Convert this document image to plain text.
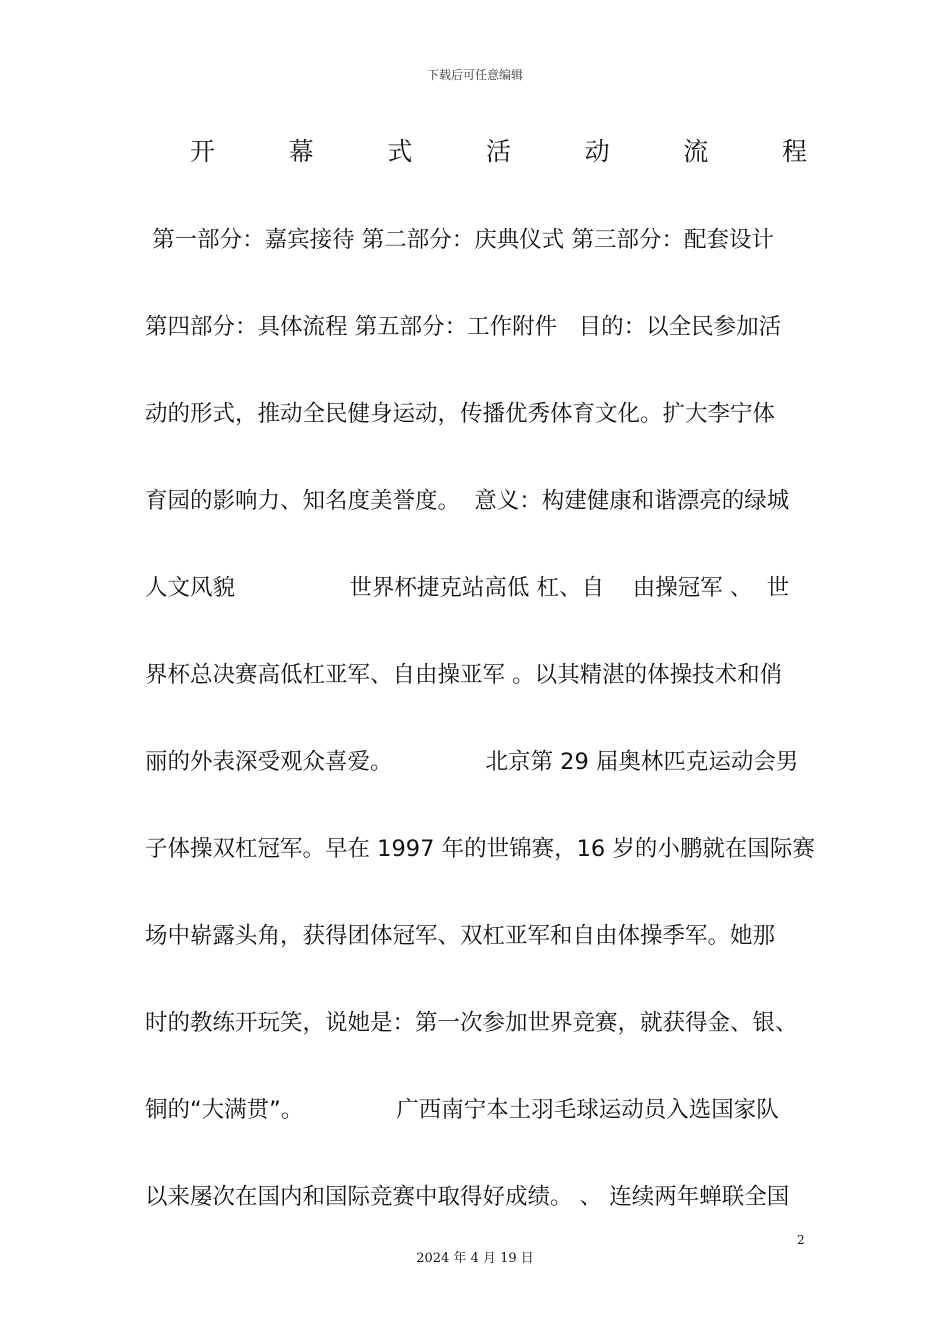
下载后可任意编辑
开	幕	式	活	动	流	程
第一部分：嘉宾接待 第二部分：庆典仪式 第三部分：配套设计
第四部分：具体流程 第五部分：工作附件   目的：以全民参加活
动的形式，推动全民健身运动，传播优秀体育文化。扩大李宁体
育园的影响力、知名度美誉度。  意义：构建健康和谐漂亮的绿城
人文风貌                世界杯捷克站高低 杠、自    由操冠军 、  世
界杯总决赛高低杠亚军、自由操亚军 。以其精湛的体操技术和俏
丽的外表深受观众喜爱。             北京第 29 届奥林匹克运动会男
子体操双杠冠军。早在 1997 年的世锦赛，16 岁的小鹏就在国际赛
场中崭露头角，获得团体冠军、双杠亚军和自由体操季军。她那
时的教练开玩笑，说她是：第一次参加世界竞赛，就获得金、银、
铜的“大满贯”。             广西南宁本土羽毛球运动员入选国家队
以来屡次在国内和国际竞赛中取得好成绩。 、 连续两年蝉联全国
2
2024 年 4 月 19 日
